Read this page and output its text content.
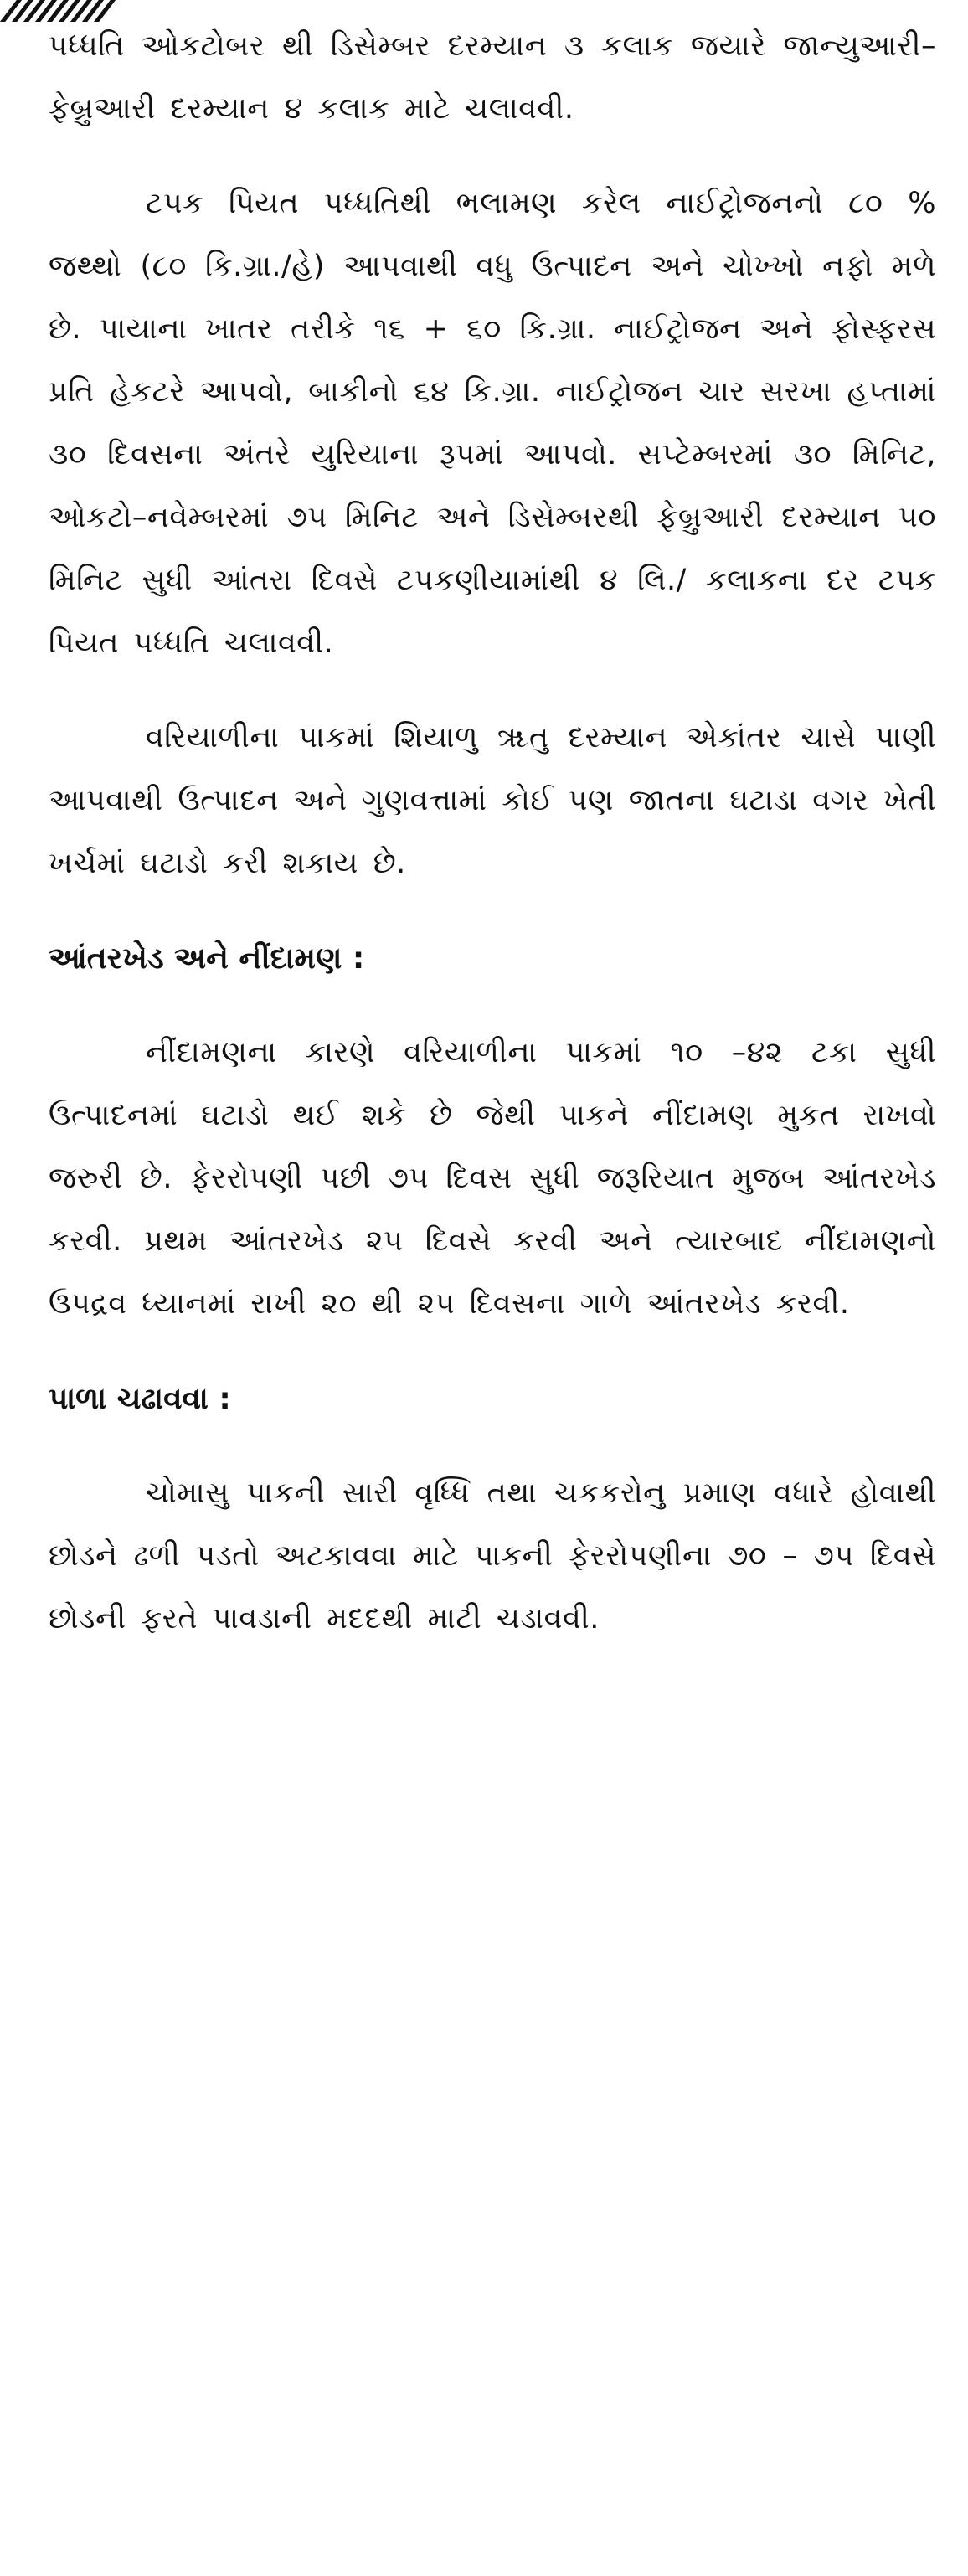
પધ્ધતિ ઓકટોબર થી ડિસેમ્બર દરમ્યાન ૩ કલાક જયારે જાન્યુઆરી–ફેબ્રુઆરી દરમ્યાન ૪ કલાક માટે ચલાવવી.

ટપક પિયત પધ્ધતિથી ભલામણ કરેલ નાઈટ્રોજનનો ૮૦ % જથ્થો (૮૦ કિ.ગ્રા./હે) આપવાથી વધુ ઉત્પાદન અને ચોખ્ખો નફો મળે છે. પાયાના ખાતર તરીકે ૧૬ + ૬૦ કિ.ગ્રા. નાઈટ્રોજન અને ફોસ્ફરસ પ્રતિ હેકટરે આપવો, બાકીનો ૬૪ કિ.ગ્રા. નાઈટ્રોજન ચાર સરખા હપ્તામાં ૩૦ દિવસના અંતરે યુરિયાના રૂપમાં આપવો. સપ્ટેમ્બરમાં ૩૦ મિનિટ, ઓકટો–નવેમ્બરમાં ૭૫ મિનિટ અને ડિસેમ્બરથી ફેબ્રુઆરી દરમ્યાન ૫૦ મિનિટ સુધી આંતરા દિવસે ટપકણીયામાંથી ૪ લિ./ કલાકના દર ટપક પિયત પધ્ધતિ ચલાવવી.

વરિયાળીના પાકમાં શિયાળુ ૠતુ દરમ્યાન એકાંતર ચાસે પાણી આપવાથી ઉત્પાદન અને ગુણવત્તામાં કોઈ પણ જાતના ઘટાડા વગર ખેતી ખર્ચમાં ઘટાડો કરી શકાય છે.

આંતરખેડ અને નીંદામણ :

નીંદામણના કારણે વરિયાળીના પાકમાં ૧૦ –૪૨ ટકા સુધી ઉત્પાદનમાં ઘટાડો થઈ શકે છે જેથી પાકને નીંદામણ મુકત રાખવો જરુરી છે. ફેરરોપણી પછી ૭૫ દિવસ સુધી જરૂરિયાત મુજબ આંતરખેડ કરવી. પ્રથમ આંતરખેડ ૨૫ દિવસે કરવી અને ત્યારબાદ નીંદામણનો ઉપદ્રવ ધ્યાનમાં રાખી ૨૦ થી ૨૫ દિવસના ગાળે આંતરખેડ કરવી.

પાળા ચઢાવવા :

ચોમાસુ પાકની સારી વૃધ્ધિ તથા ચકકરોનુ પ્રમાણ વધારે હોવાથી છોડને ઢળી પડતો અટકાવવા માટે પાકની ફેરરોપણીના ૭૦ – ૭૫ દિવસે છોડની ફરતે પાવડાની મદદથી માટી ચડાવવી.
